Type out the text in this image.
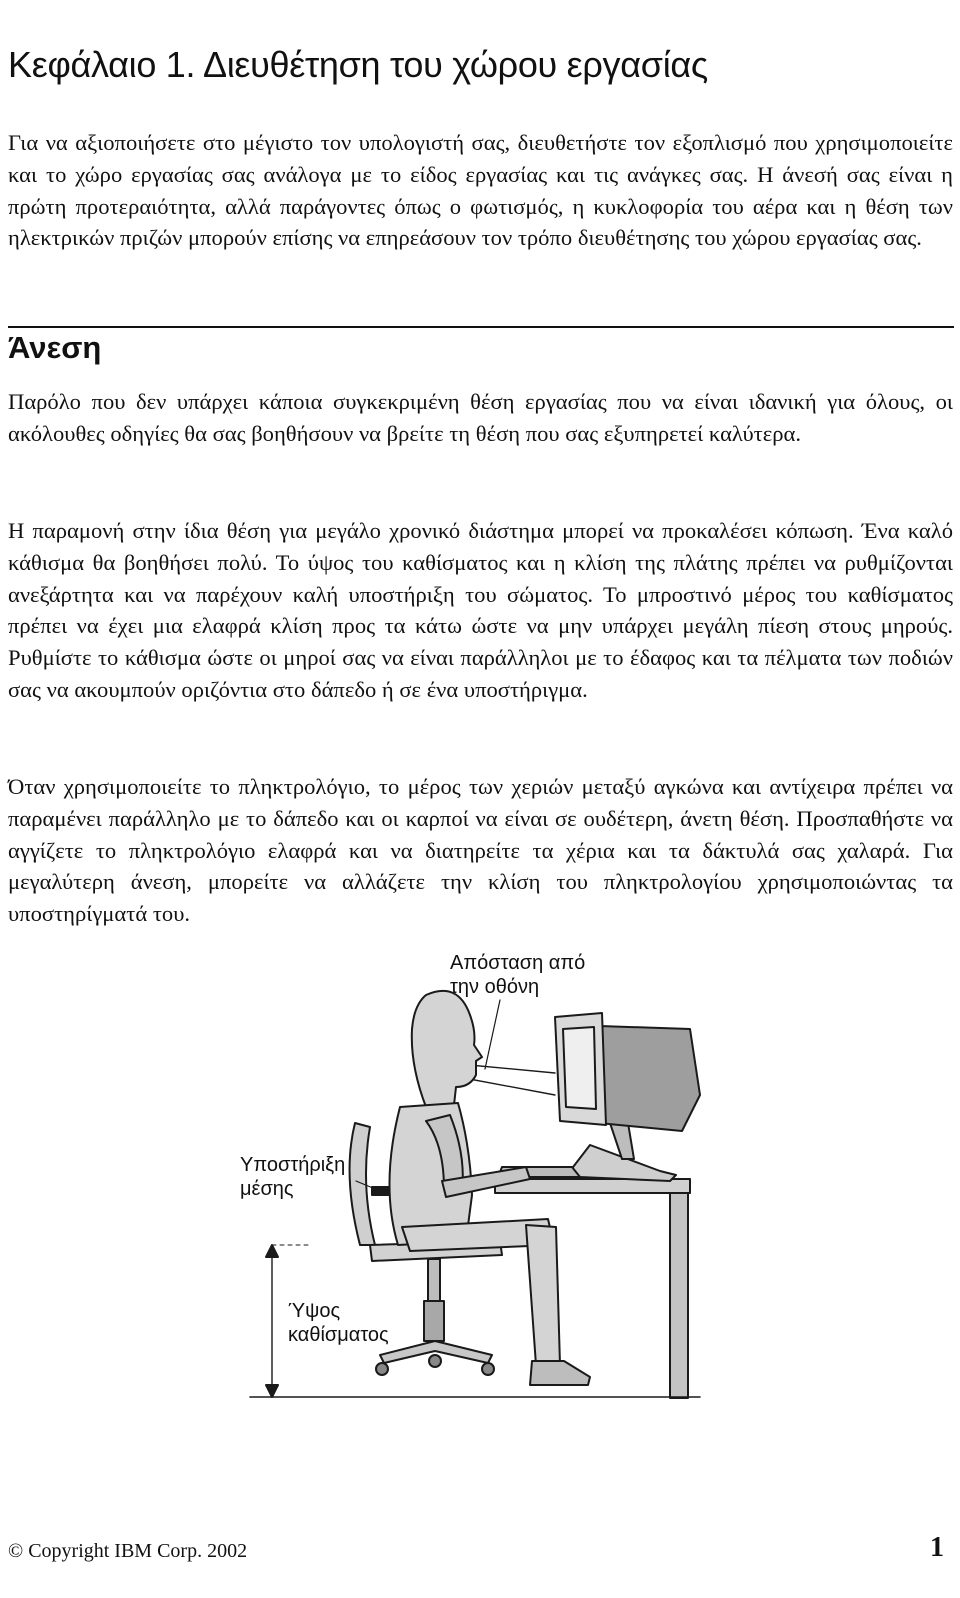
Κεφάλαιο 1. Διευθέτηση του χώρου εργασίας

Για να αξιοποιήσετε στο μέγιστο τον υπολογιστή σας, διευθετήστε τον εξοπλισμό που χρησιμοποιείτε και το χώρο εργασίας σας ανάλογα με το είδος εργασίας και τις ανάγκες σας. Η άνεσή σας είναι η πρώτη προτεραιότητα, αλλά παράγοντες όπως ο φωτισμός, η κυκλοφορία του αέρα και η θέση των ηλεκτρικών πριζών μπορούν επίσης να επηρεάσουν τον τρόπο διευθέτησης του χώρου εργασίας σας.

Άνεση

Παρόλο που δεν υπάρχει κάποια συγκεκριμένη θέση εργασίας που να είναι ιδανική για όλους, οι ακόλουθες οδηγίες θα σας βοηθήσουν να βρείτε τη θέση που σας εξυπηρετεί καλύτερα.

Η παραμονή στην ίδια θέση για μεγάλο χρονικό διάστημα μπορεί να προκαλέσει κόπωση. Ένα καλό κάθισμα θα βοηθήσει πολύ. Το ύψος του καθίσματος και η κλίση της πλάτης πρέπει να ρυθμίζονται ανεξάρτητα και να παρέχουν καλή υποστήριξη του σώματος. Το μπροστινό μέρος του καθίσματος πρέπει να έχει μια ελαφρά κλίση προς τα κάτω ώστε να μην υπάρχει μεγάλη πίεση στους μηρούς. Ρυθμίστε το κάθισμα ώστε οι μηροί σας να είναι παράλληλοι με το έδαφος και τα πέλματα των ποδιών σας να ακουμπούν οριζόντια στο δάπεδο ή σε ένα υποστήριγμα.

Όταν χρησιμοποιείτε το πληκτρολόγιο, το μέρος των χεριών μεταξύ αγκώνα και αντίχειρα πρέπει να παραμένει παράλληλο με το δάπεδο και οι καρποί να είναι σε ουδέτερη, άνετη θέση. Προσπαθήστε να αγγίζετε το πληκτρολόγιο ελαφρά και να διατηρείτε τα χέρια και τα δάκτυλά σας χαλαρά. Για μεγαλύτερη άνεση, μπορείτε να αλλάζετε την κλίση του πληκτρολογίου χρησιμοποιώντας τα υποστηρίγματά του.

Απόσταση από
την οθόνη
Υποστήριξη
μέσης
Ύψος
καθίσματος
© Copyright IBM Corp. 2002	1
